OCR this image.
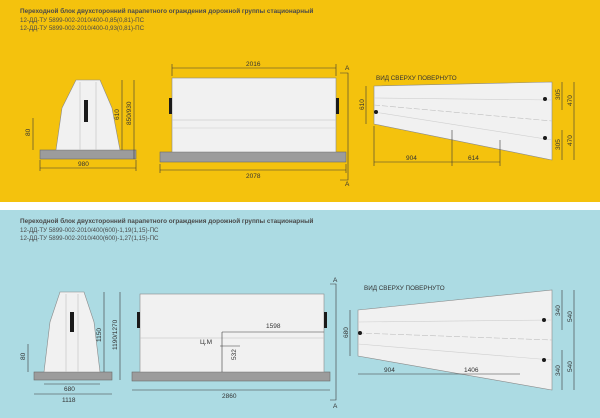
Переходной блок двухсторонний парапетного ограждения дорожной группы стационарный
12-ДД-ТУ 5899-002-2010/400-0,85(0,81)-ПС
12-ДД-ТУ 5899-002-2010/400-0,93(0,81)-ПС
80
610 850/930
980
2016
2078
A
A
ВИД СВЕРХУ ПОВЕРНУТО
610
305
470
305 470
904	614
Переходной блок двухсторонний парапетного ограждения дорожной группы стационарный
12-ДД-ТУ 5899-002-2010/400(600)-1,19(1,15)-ПС
12-ДД-ТУ 5899-002-2010/400(600)-1,27(1,15)-ПС
80
1150 1190/1270
680
1118
1598
Ц.М
532
2860
A
A
ВИД СВЕРХУ ПОВЕРНУТО
680
340
540
340 540
904	1406
